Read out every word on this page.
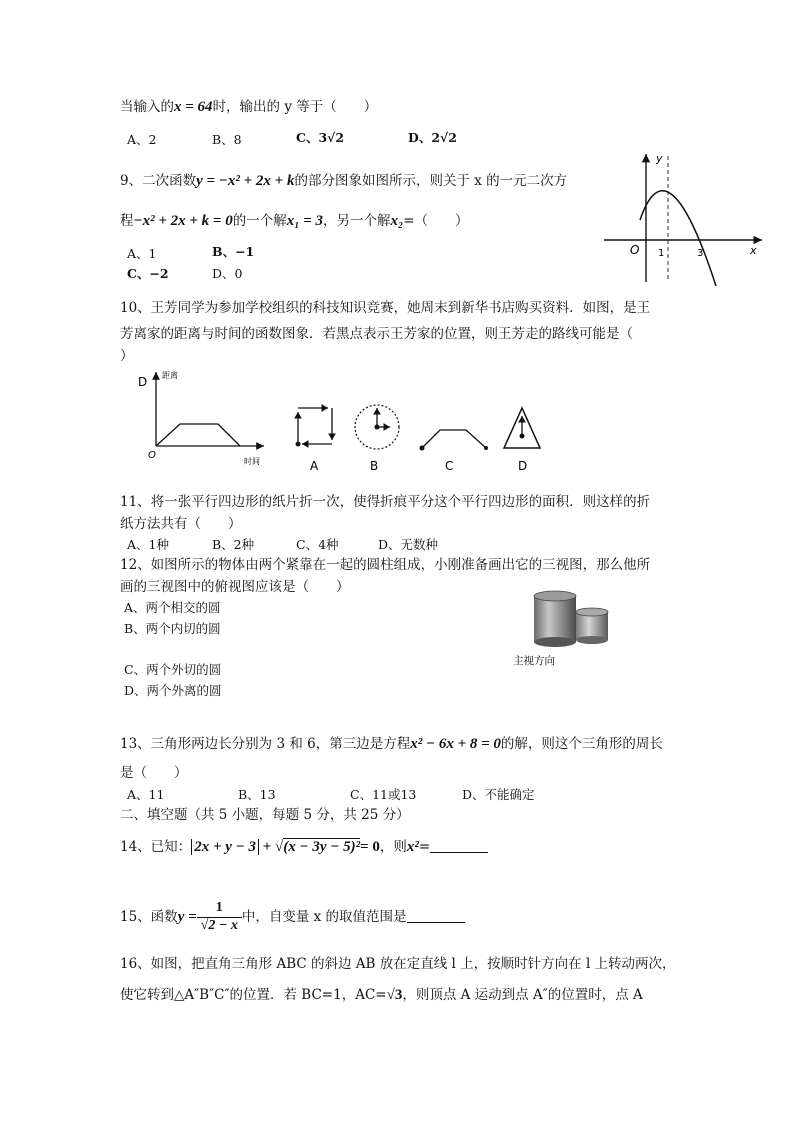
当输入的x = 64时，输出的 y 等于（　　）
A、2	B、8	C、3√2	D、2√2
9、二次函数y = −x² + 2x + k的部分图象如图所示，则关于 x 的一元二次方
程−x² + 2x + k = 0的一个解x₁ = 3，另一个解x₂=（　　）
A、1	B、−1
C、−2	D、0
y
x
O 1	3
10、王芳同学为参加学校组织的科技知识竞赛，她周末到新华书店购买资料．如图，是王
芳离家的距离与时间的函数图象．若黑点表示王芳家的位置，则王芳走的路线可能是（
）
D 距离
时间
O
A	B	C	D
11、将一张平行四边形的纸片折一次，使得折痕平分这个平行四边形的面积．则这样的折
纸方法共有（　　）
A、1种	B、2种	C、4种	D、无数种
12、如图所示的物体由两个紧靠在一起的圆柱组成，小刚准备画出它的三视图，那么他所
画的三视图中的俯视图应该是（　　）
A、两个相交的圆
B、两个内切的圆
C、两个外切的圆
D、两个外离的圆
主视方向
13、三角形两边长分别为 3 和 6，第三边是方程x² − 6x + 8 = 0的解，则这个三角形的周长
是（　　）
A、11	B、13	C、11或13	D、不能确定
二、填空题（共 5 小题，每题 5 分，共 25 分）
14、已知： 2x + y − 3 + √(x − 3y − 5)²= 0，则x²=
15、函数$y = \frac{1}{√2 - x}$ 中，自变量 x 的取值范围是
16、如图，把直角三角形 ABC 的斜边 AB 放在定直线 l 上，按顺时针方向在 l 上转动两次，
使它转到△A″B″C″的位置．若 BC=1，AC=√3，则顶点 A 运动到点 A″的位置时，点 A
